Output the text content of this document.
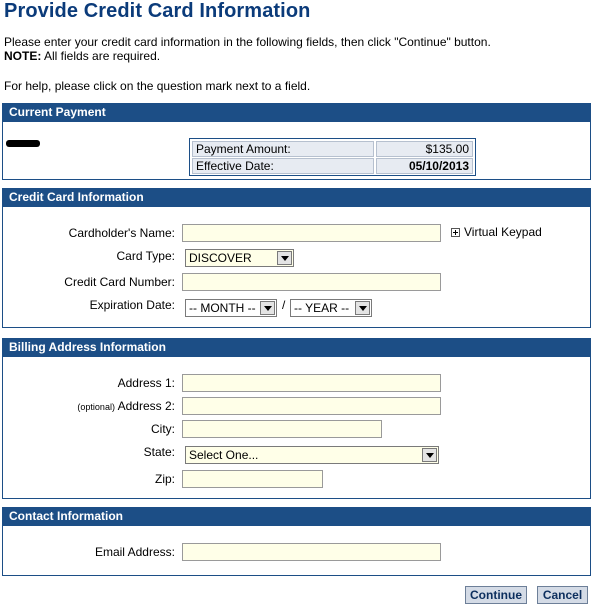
Provide Credit Card Information
Please enter your credit card information in the following fields, then click "Continue" button.
NOTE: All fields are required.
For help, please click on the question mark next to a field.
Current Payment
Payment Amount:	$135.00
Effective Date:	05/10/2013
Credit Card Information
Cardholder's Name:	Virtual Keypad
Card Type:	DISCOVER
Credit Card Number:
Expiration Date:	-- MONTH --	/ -- YEAR --
Billing Address Information
Address 1:
(optional) Address 2:
City:
State:	Select One...
Zip:
Contact Information
Email Address:
Continue	Cancel
